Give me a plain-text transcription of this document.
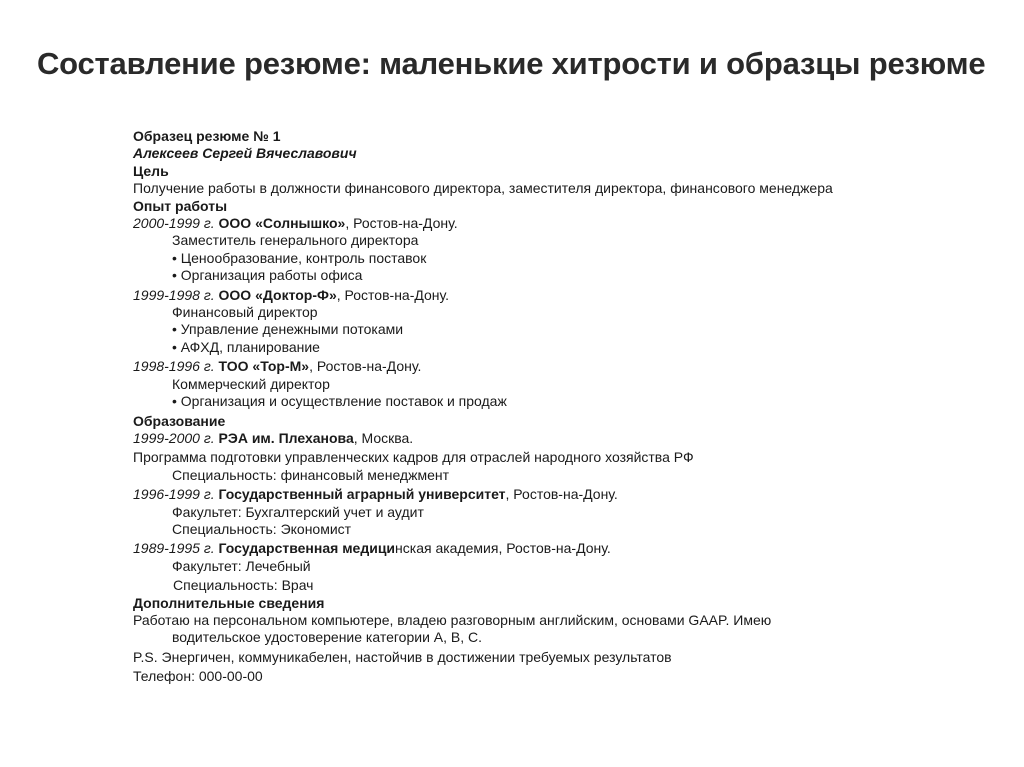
Составление резюме: маленькие хитрости и образцы резюме
Образец резюме № 1
Алексеев Сергей Вячеславович
Цель
Получение работы в должности финансового директора, заместителя директора, финансового менеджера
Опыт работы
2000-1999 г. ООО «Солнышко», Ростов-на-Дону.
Заместитель генерального директора
• Ценообразование, контроль поставок
• Организация работы офиса
1999-1998 г. ООО «Доктор-Ф», Ростов-на-Дону.
Финансовый директор
• Управление денежными потоками
• АФХД, планирование
1998-1996 г. ТОО «Тор-М», Ростов-на-Дону.
Коммерческий директор
• Организация и осуществление поставок и продаж
Образование
1999-2000 г. РЭА им. Плеханова, Москва.
Программа подготовки управленческих кадров для отраслей народного хозяйства РФ
Специальность: финансовый менеджмент
1996-1999 г. Государственный аграрный университет, Ростов-на-Дону.
Факультет: Бухгалтерский учет и аудит
Специальность: Экономист
1989-1995 г. Государственная медицинская академия, Ростов-на-Дону.
Факультет: Лечебный
Специальность: Врач
Дополнительные сведения
Работаю на персональном компьютере, владею разговорным английским, основами GAAP. Имею
водительское удостоверение категории А, В, С.
P.S. Энергичен, коммуникабелен, настойчив в достижении требуемых результатов
Телефон: 000-00-00
